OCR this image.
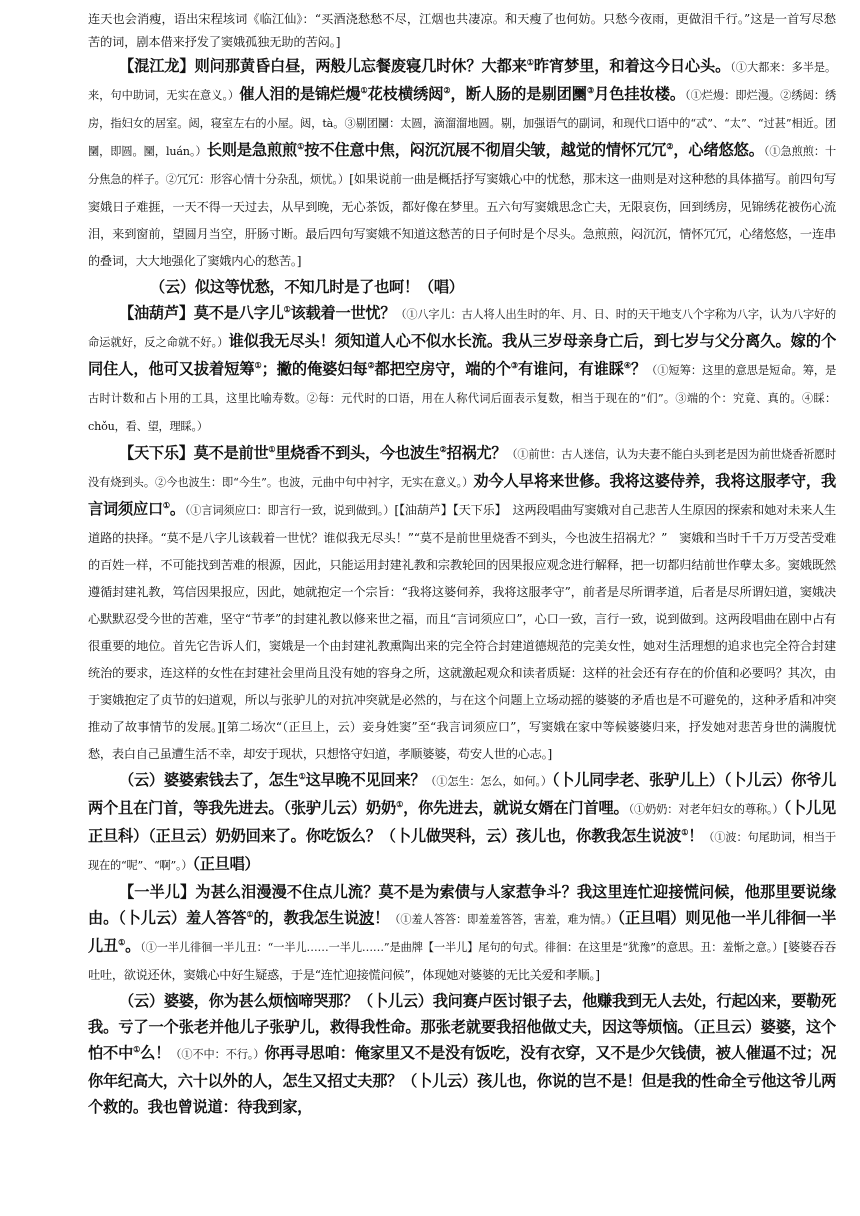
连天也会消瘦，语出宋程垓词《临江仙》：“买酒浇愁愁不尽，江烟也共凄凉。和天瘦了也何妨。只愁今夜雨，更做泪千行。”这是一首写尽愁苦的词，剧本借来抒发了窦娥孤独无助的苦闷。]

【混江龙】则问那黄昏白昼，两般儿忘餐废寝几时休？大都来①昨宵梦里，和着这今日心头。（①大都来：多半是。来，句中助词，无实在意义。）催人泪的是锦烂熳①花枝横绣闼②，断人肠的是剔团圞③月色挂妆楼。（①烂熳：即烂漫。②绣闼：绣房，指妇女的居室。闼，寝室左右的小屋。闼，tà。③剔团圞：太圆，滴溜溜地圆。剔，加强语气的副词，和现代口语中的“忒”、“太”、“过甚”相近。团圞，即圆。圞，luán。）长则是急煎煎①按不住意中焦，闷沉沉展不彻眉尖皱，越觉的情怀冗冗②，心绪悠悠。（①急煎煎：十分焦急的样子。②冗冗：形容心情十分杂乱，烦忧。）[如果说前一曲是概括抒写窦娥心中的忧愁，那末这一曲则是对这种愁的具体描写。前四句写窦娥日子难捱，一天不得一天过去，从早到晚，无心茶饭，都好像在梦里。五六句写窦娥思念亡夫，无限哀伤，回到绣房，见锦绣花被伤心流泪，来到窗前，望圆月当空，肝肠寸断。最后四句写窦娥不知道这愁苦的日子何时是个尽头。急煎煎，闷沉沉，情怀冗冗，心绪悠悠，一连串的叠词，大大地强化了窦娥内心的愁苦。]

（云）似这等忧愁，不知几时是了也呵！（唱）

【油葫芦】莫不是八字儿①该载着一世忧？（①八字儿：古人将人出生时的年、月、日、时的天干地支八个字称为八字，认为八字好的命运就好，反之命就不好。）谁似我无尽头！须知道人心不似水长流。我从三岁母亲身亡后，到七岁与父分离久。嫁的个同住人，他可又拔着短筹①；撇的俺婆妇每②都把空房守，端的个③有谁问，有谁睬④？（①短筹：这里的意思是短命。筹，是古时计数和占卜用的工具，这里比喻寿数。②每：元代时的口语，用在人称代词后面表示复数，相当于现在的“们”。③端的个：究竟、真的。④睬：chǒu，看、望，理睬。）

【天下乐】莫不是前世①里烧香不到头，今也波生②招祸尤？（①前世：古人迷信，认为夫妻不能白头到老是因为前世烧香祈愿时没有烧到头。②今也波生：即“今生”。也波，元曲中句中衬字，无实在意义。）劝今人早将来世修。我将这婆侍养，我将这服孝守，我言词须应口①。（①言词须应口：即言行一致，说到做到。）[【油葫芦】【天下乐】　这两段唱曲写窦娥对自己悲苦人生原因的探索和她对未来人生道路的抉择。“莫不是八字儿该载着一世忧？谁似我无尽头！”“莫不是前世里烧香不到头，今也波生招祸尤？”　窦娥和当时千千万万受苦受难的百姓一样，不可能找到苦难的根源，因此，只能运用封建礼教和宗教轮回的因果报应观念进行解释，把一切都归结前世作孽太多。窦娥既然遵循封建礼教，笃信因果报应，因此，她就抱定一个宗旨：“我将这婆伺养，我将这服孝守”，前者是尽所谓孝道，后者是尽所谓妇道，窦娥决心默默忍受今世的苦难，坚守“节孝”的封建礼教以修来世之福，而且“言词须应口”，心口一致，言行一致，说到做到。这两段唱曲在剧中占有很重要的地位。首先它告诉人们，窦娥是一个由封建礼教熏陶出来的完全符合封建道德规范的完美女性，她对生活理想的追求也完全符合封建统治的要求，连这样的女性在封建社会里尚且没有她的容身之所，这就激起观众和读者质疑：这样的社会还有存在的价值和必要吗？其次，由于窦娥抱定了贞节的妇道观，所以与张驴儿的对抗冲突就是必然的，与在这个问题上立场动摇的婆婆的矛盾也是不可避免的，这种矛盾和冲突推动了故事情节的发展。][第二场次“（正旦上，云）妾身姓窦”至“我言词须应口”，写窦娥在家中等候婆婆归来，抒发她对悲苦身世的满腹忧愁，表白自己虽遭生活不幸，却安于现状，只想恪守妇道，孝顺婆婆，苟安人世的心志。]

（云）婆婆索钱去了，怎生①这早晚不见回来？（①怎生：怎么，如何。）（卜儿同孛老、张驴儿上）（卜儿云）你爷儿两个且在门首，等我先进去。（张驴儿云）奶奶①，你先进去，就说女婿在门首哩。（①奶奶：对老年妇女的尊称。）（卜儿见正旦科）（正旦云）奶奶回来了。你吃饭么？（卜儿做哭科，云）孩儿也，你教我怎生说波①！（①波：句尾助词，相当于现在的“呢”、“啊”。）（正旦唱）

【一半儿】为甚么泪漫漫不住点儿流？莫不是为索债与人家惹争斗？我这里连忙迎接慌问候，他那里要说缘由。（卜儿云）羞人答答①的，教我怎生说波！（①羞人答答：即羞羞答答，害羞，难为情。）（正旦唱）则见他一半儿徘徊一半儿丑①。（①一半儿徘徊一半儿丑：“一半儿……一半儿……”是曲牌【一半儿】尾句的句式。徘徊：在这里是“犹豫”的意思。丑：羞惭之意。）[婆婆吞吞吐吐，欲说还休，窦娥心中好生疑惑，于是“连忙迎接慌问候”，体现她对婆婆的无比关爱和孝顺。]

（云）婆婆，你为甚么烦恼啼哭那？（卜儿云）我问赛卢医讨银子去，他赚我到无人去处，行起凶来，要勒死我。亏了一个张老并他儿子张驴儿，救得我性命。那张老就要我招他做丈夫，因这等烦恼。（正旦云）婆婆，这个怕不中①么！（①不中：不行。）你再寻思咱：俺家里又不是没有饭吃，没有衣穿，又不是少欠钱债，被人催逼不过；况你年纪高大，六十以外的人，怎生又招丈夫那？（卜儿云）孩儿也，你说的岂不是！但是我的性命全亏他这爷儿两个救的。我也曾说道：待我到家，
